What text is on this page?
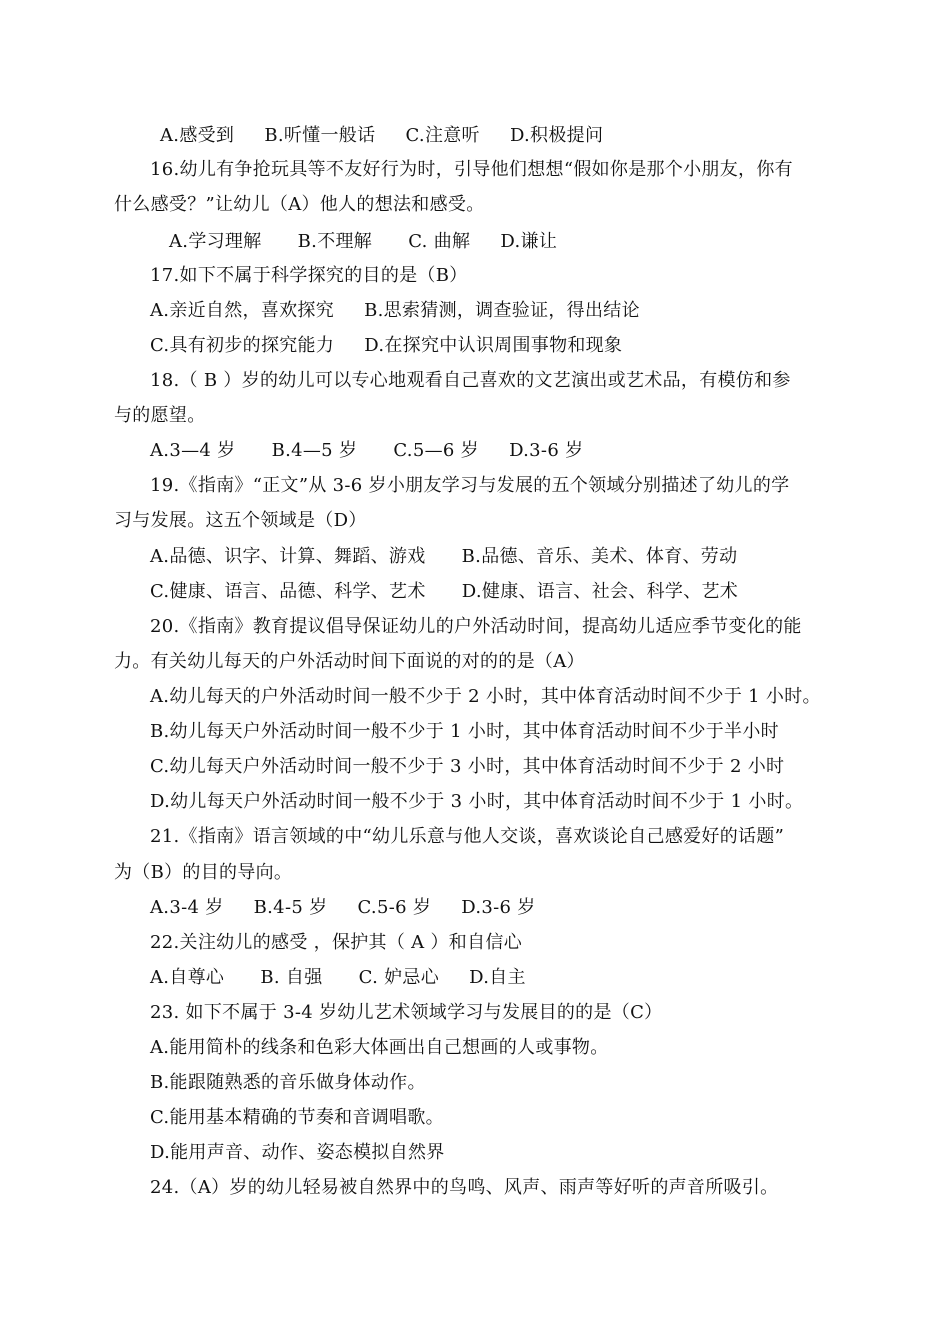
A.感受到     B.听懂一般话     C.注意听     D.积极提问
16.幼儿有争抢玩具等不友好行为时，引导他们想想“假如你是那个小朋友，你有
什么感受？”让幼儿（A）他人的想法和感受。
A.学习理解      B.不理解      C. 曲解     D.谦让
17.如下不属于科学探究的目的是（B）
A.亲近自然，喜欢探究     B.思索猜测，调查验证，得出结论
C.具有初步的探究能力     D.在探究中认识周围事物和现象
18.（ B ）岁的幼儿可以专心地观看自己喜欢的文艺演出或艺术品，有模仿和参
与的愿望。
A.3—4 岁      B.4—5 岁      C.5—6 岁     D.3-6 岁
19.《指南》“正文”从 3-6 岁小朋友学习与发展的五个领域分别描述了幼儿的学
习与发展。这五个领域是（D）
A.品德、识字、计算、舞蹈、游戏      B.品德、音乐、美术、体育、劳动
C.健康、语言、品德、科学、艺术      D.健康、语言、社会、科学、艺术
20.《指南》教育提议倡导保证幼儿的户外活动时间，提高幼儿适应季节变化的能
力。有关幼儿每天的户外活动时间下面说的对的的是（A）
A.幼儿每天的户外活动时间一般不少于 2 小时，其中体育活动时间不少于 1 小时。
B.幼儿每天户外活动时间一般不少于 1 小时，其中体育活动时间不少于半小时
C.幼儿每天户外活动时间一般不少于 3 小时，其中体育活动时间不少于 2 小时
D.幼儿每天户外活动时间一般不少于 3 小时，其中体育活动时间不少于 1 小时。
21.《指南》语言领域的中“幼儿乐意与他人交谈，喜欢谈论自己感爱好的话题”
为（B）的目的导向。
A.3-4 岁     B.4-5 岁     C.5-6 岁     D.3-6 岁
22.关注幼儿的感受 ，保护其（ A ）和自信心
A.自尊心      B. 自强      C. 妒忌心     D.自主
23. 如下不属于 3-4 岁幼儿艺术领域学习与发展目的的是（C）
A.能用简朴的线条和色彩大体画出自己想画的人或事物。
B.能跟随熟悉的音乐做身体动作。
C.能用基本精确的节奏和音调唱歌。
D.能用声音、动作、姿态模拟自然界
24.（A）岁的幼儿轻易被自然界中的鸟鸣、风声、雨声等好听的声音所吸引。
